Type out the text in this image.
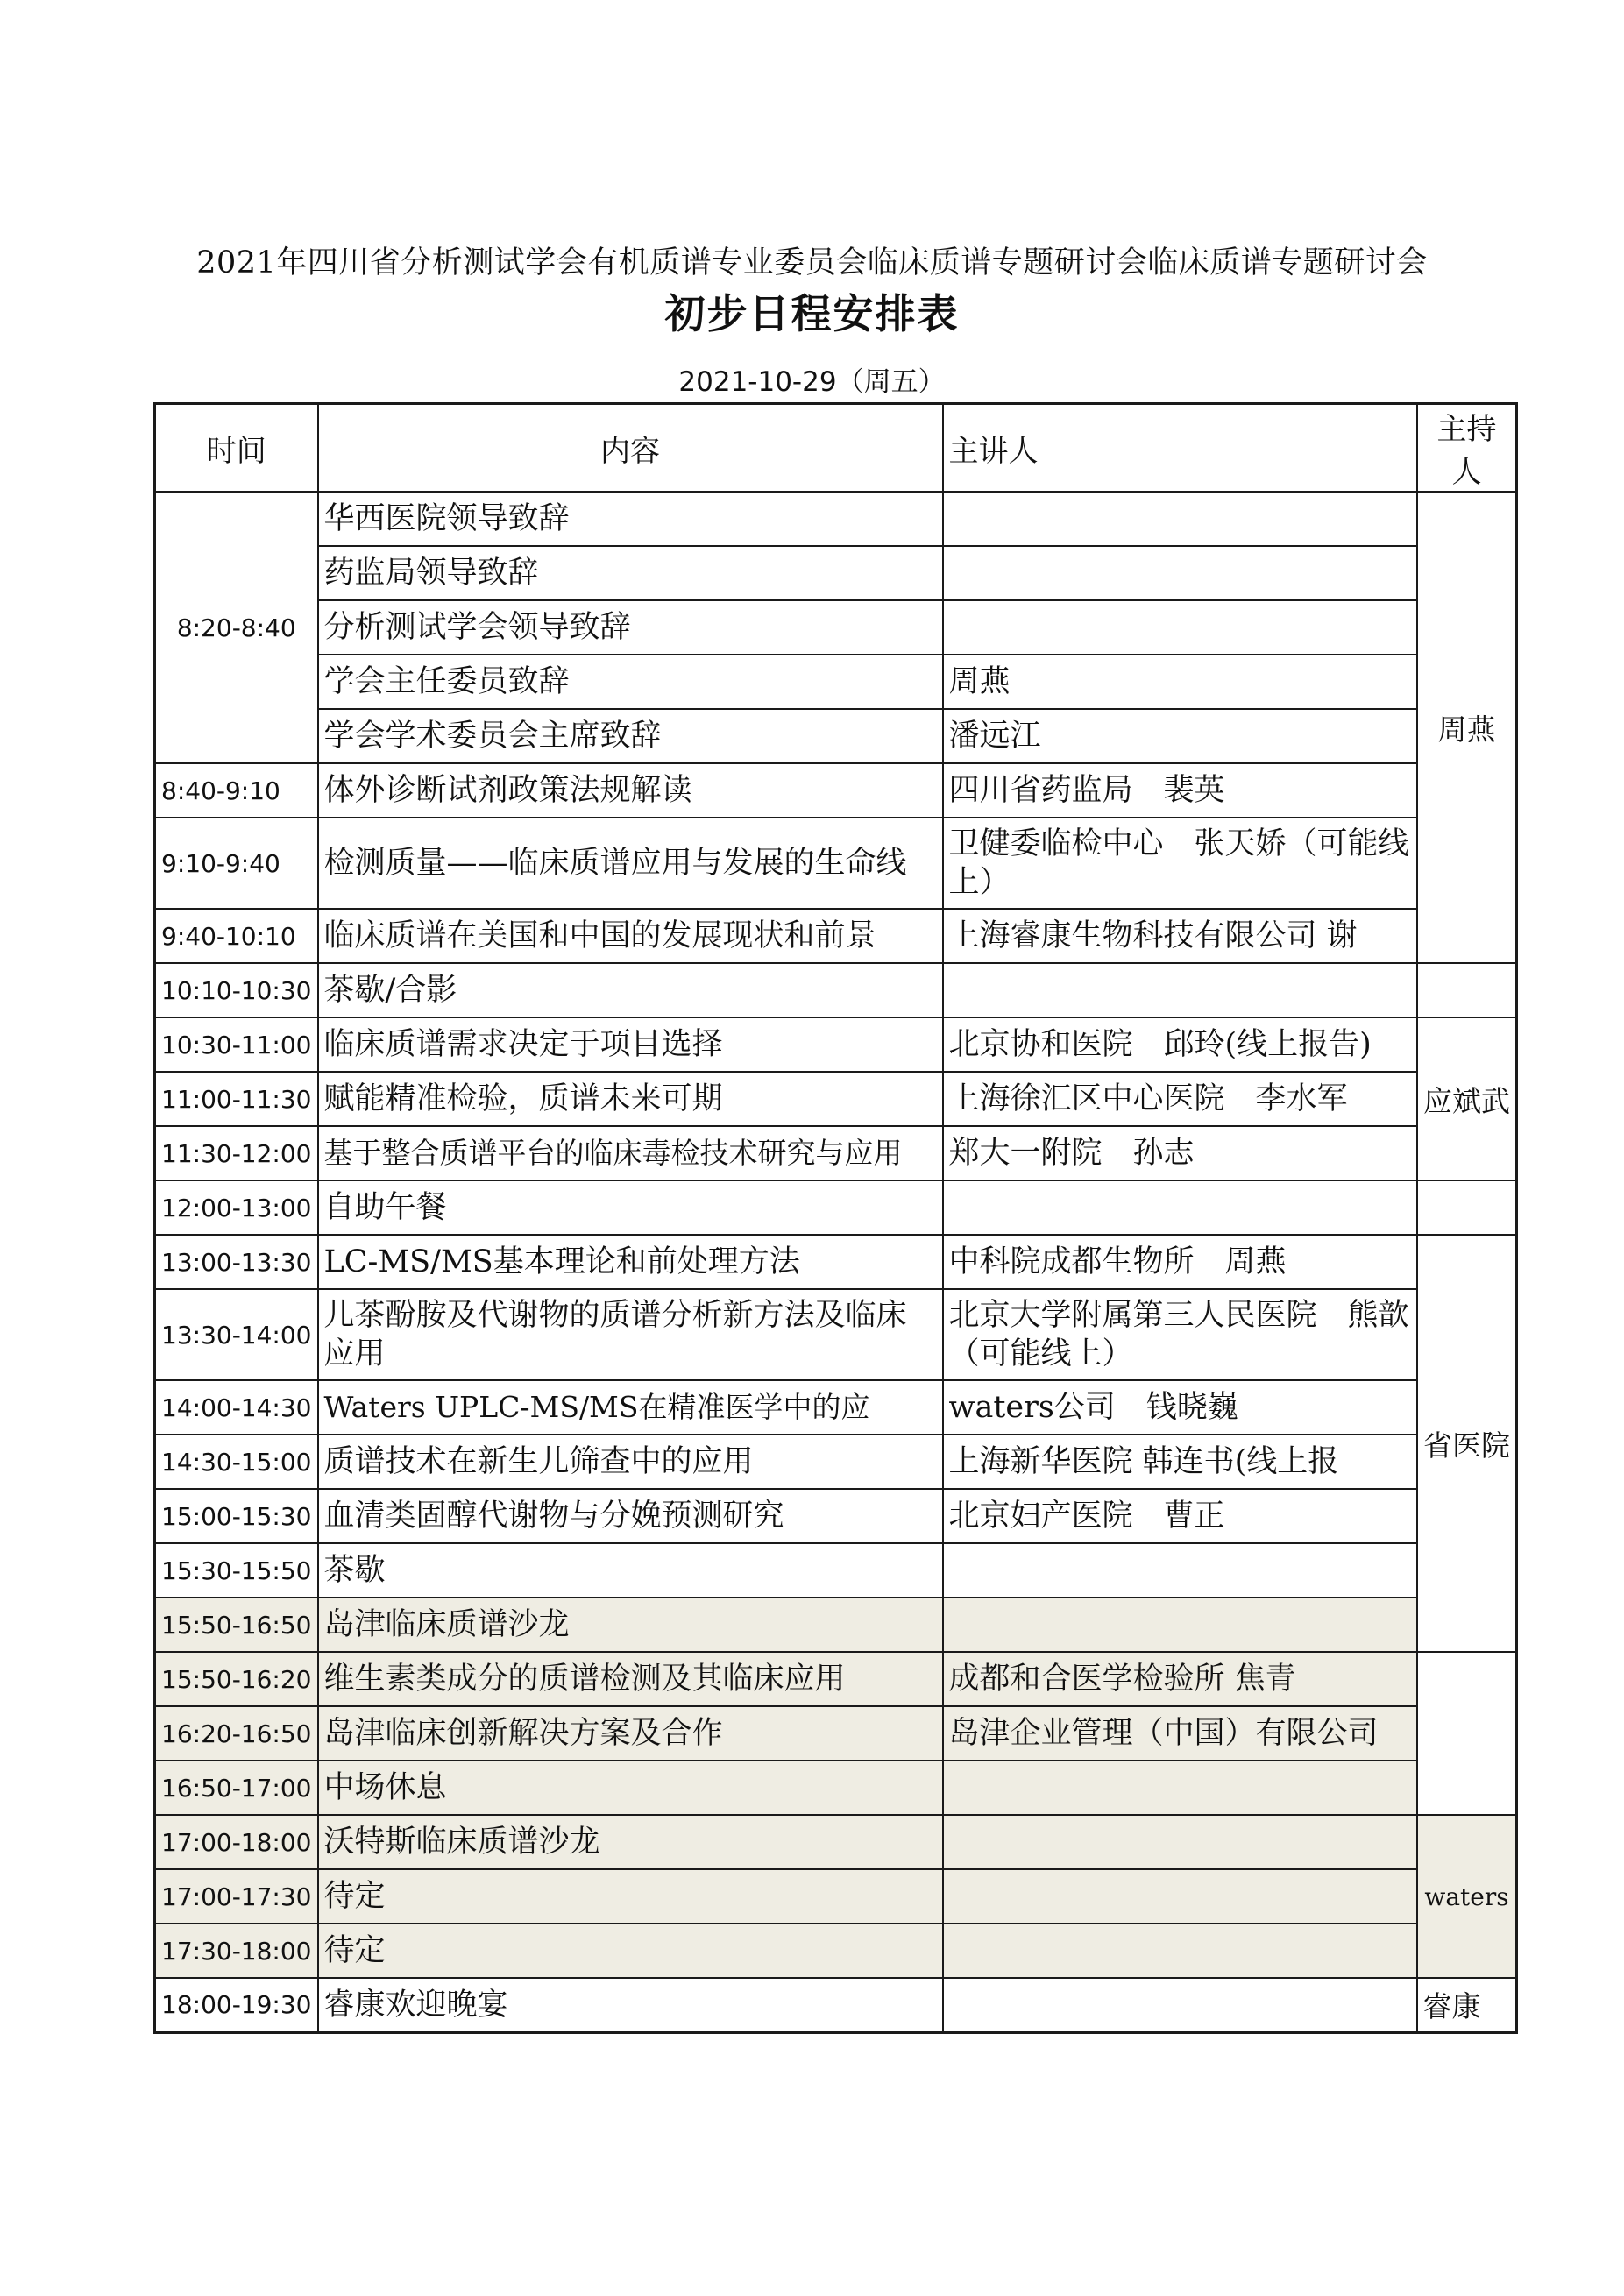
2021年四川省分析测试学会有机质谱专业委员会临床质谱专题研讨会临床质谱专题研讨会
初步日程安排表
2021-10-29（周五）
时间	内容	主讲人	主持人	
8:20-8:40	华西医院领导致辞		周燕	
	药监局领导致辞			
	分析测试学会领导致辞			
	学会主任委员致辞	周燕		
	学会学术委员会主席致辞	潘远江		
8:40-9:10	体外诊断试剂政策法规解读	四川省药监局　裴英		
9:10-9:40	检测质量——临床质谱应用与发展的生命线	卫健委临检中心　张天娇（可能线上）		
9:40-10:10	临床质谱在美国和中国的发展现状和前景	上海睿康生物科技有限公司 谢		
10:10-10:30	茶歇/合影			
10:30-11:00	临床质谱需求决定于项目选择	北京协和医院　邱玲(线上报告)	应斌武	
11:00-11:30	赋能精准检验，质谱未来可期	上海徐汇区中心医院　李水军		
11:30-12:00	基于整合质谱平台的临床毒检技术研究与应用	郑大一附院　孙志		
12:00-13:00	自助午餐			
13:00-13:30	LC-MS/MS基本理论和前处理方法	中科院成都生物所　周燕	省医院	
13:30-14:00	儿茶酚胺及代谢物的质谱分析新方法及临床应用	北京大学附属第三人民医院　熊歆（可能线上）		
14:00-14:30	Waters UPLC-MS/MS在精准医学中的应	waters公司　钱晓巍		
14:30-15:00	质谱技术在新生儿筛查中的应用	上海新华医院 韩连书(线上报		
15:00-15:30	血清类固醇代谢物与分娩预测研究	北京妇产医院　曹正		
15:30-15:50	茶歇			
15:50-16:50	岛津临床质谱沙龙		
15:50-16:20	维生素类成分的质谱检测及其临床应用	成都和合医学检验所 焦青		
16:20-16:50	岛津临床创新解决方案及合作	岛津企业管理（中国）有限公司		
16:50-17:00	中场休息			
17:00-18:00	沃特斯临床质谱沙龙		waters	
17:00-17:30	待定			
17:30-18:00	待定			
18:00-19:30	睿康欢迎晚宴		睿康	
